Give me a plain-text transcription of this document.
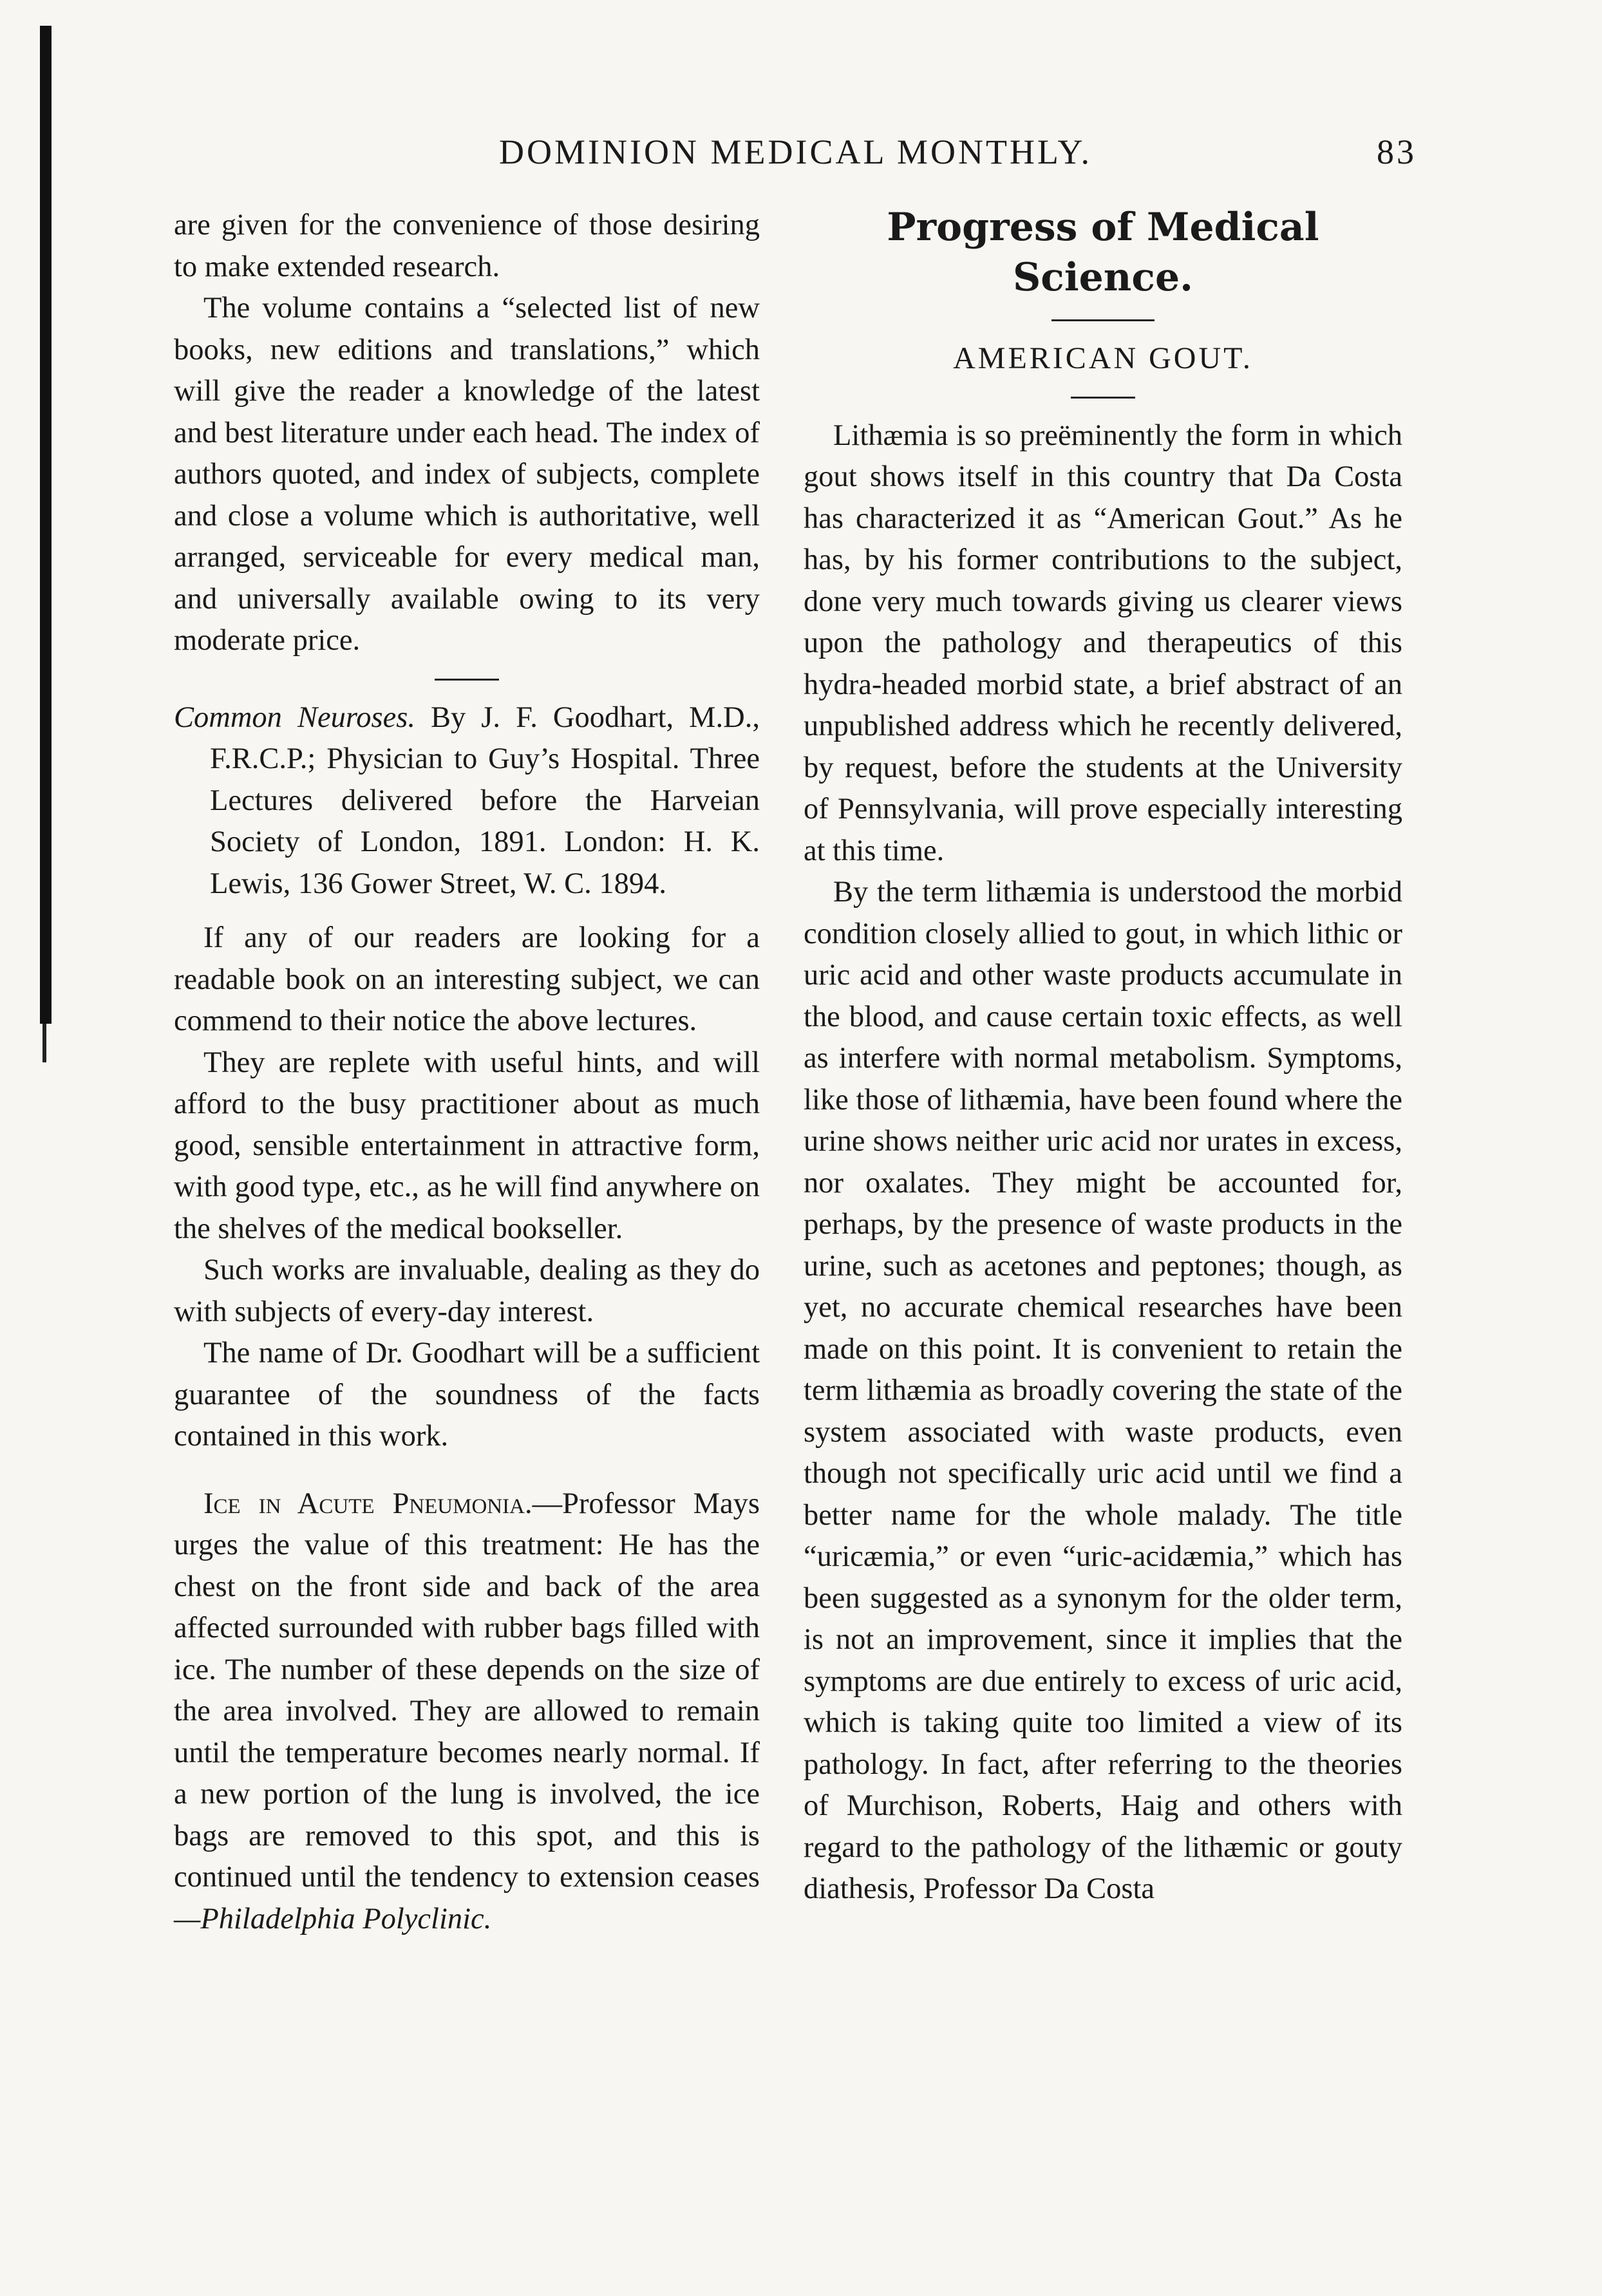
DOMINION MEDICAL MONTHLY.	83

are given for the convenience of those desiring to make extended research.

The volume contains a “selected list of new books, new editions and translations,” which will give the reader a knowledge of the latest and best literature under each head. The index of authors quoted, and index of subjects, complete and close a volume which is authoritative, well arranged, serviceable for every medical man, and universally available owing to its very moderate price.

Common Neuroses. By J. F. Goodhart, M.D., F.R.C.P.; Physician to Guy’s Hospital. Three Lectures delivered before the Harveian Society of London, 1891. London: H. K. Lewis, 136 Gower Street, W. C. 1894.

If any of our readers are looking for a readable book on an interesting subject, we can commend to their notice the above lectures.

They are replete with useful hints, and will afford to the busy practitioner about as much good, sensible entertainment in attractive form, with good type, etc., as he will find anywhere on the shelves of the medical bookseller.

Such works are invaluable, dealing as they do with subjects of every-day interest.

The name of Dr. Goodhart will be a sufficient guarantee of the soundness of the facts contained in this work.

Ice in Acute Pneumonia.—Professor Mays urges the value of this treatment: He has the chest on the front side and back of the area affected surrounded with rubber bags filled with ice. The number of these depends on the size of the area involved. They are allowed to remain until the temperature becomes nearly normal. If a new portion of the lung is involved, the ice bags are removed to this spot, and this is continued until the tendency to extension ceases —Philadelphia Polyclinic.

Progress of Medical Science.
AMERICAN GOUT.

Lithæmia is so preëminently the form in which gout shows itself in this country that Da Costa has characterized it as “American Gout.” As he has, by his former contributions to the subject, done very much towards giving us clearer views upon the pathology and therapeutics of this hydra-headed morbid state, a brief abstract of an unpublished address which he recently delivered, by request, before the students at the University of Pennsylvania, will prove especially interesting at this time.

By the term lithæmia is understood the morbid condition closely allied to gout, in which lithic or uric acid and other waste products accumulate in the blood, and cause certain toxic effects, as well as interfere with normal metabolism. Symptoms, like those of lithæmia, have been found where the urine shows neither uric acid nor urates in excess, nor oxalates. They might be accounted for, perhaps, by the presence of waste products in the urine, such as acetones and peptones; though, as yet, no accurate chemical researches have been made on this point. It is convenient to retain the term lithæmia as broadly covering the state of the system associated with waste products, even though not specifically uric acid until we find a better name for the whole malady. The title “uricæmia,” or even “uric-acidæmia,” which has been suggested as a synonym for the older term, is not an improvement, since it implies that the symptoms are due entirely to excess of uric acid, which is taking quite too limited a view of its pathology. In fact, after referring to the theories of Murchison, Roberts, Haig and others with regard to the pathology of the lithæmic or gouty diathesis, Professor Da Costa
